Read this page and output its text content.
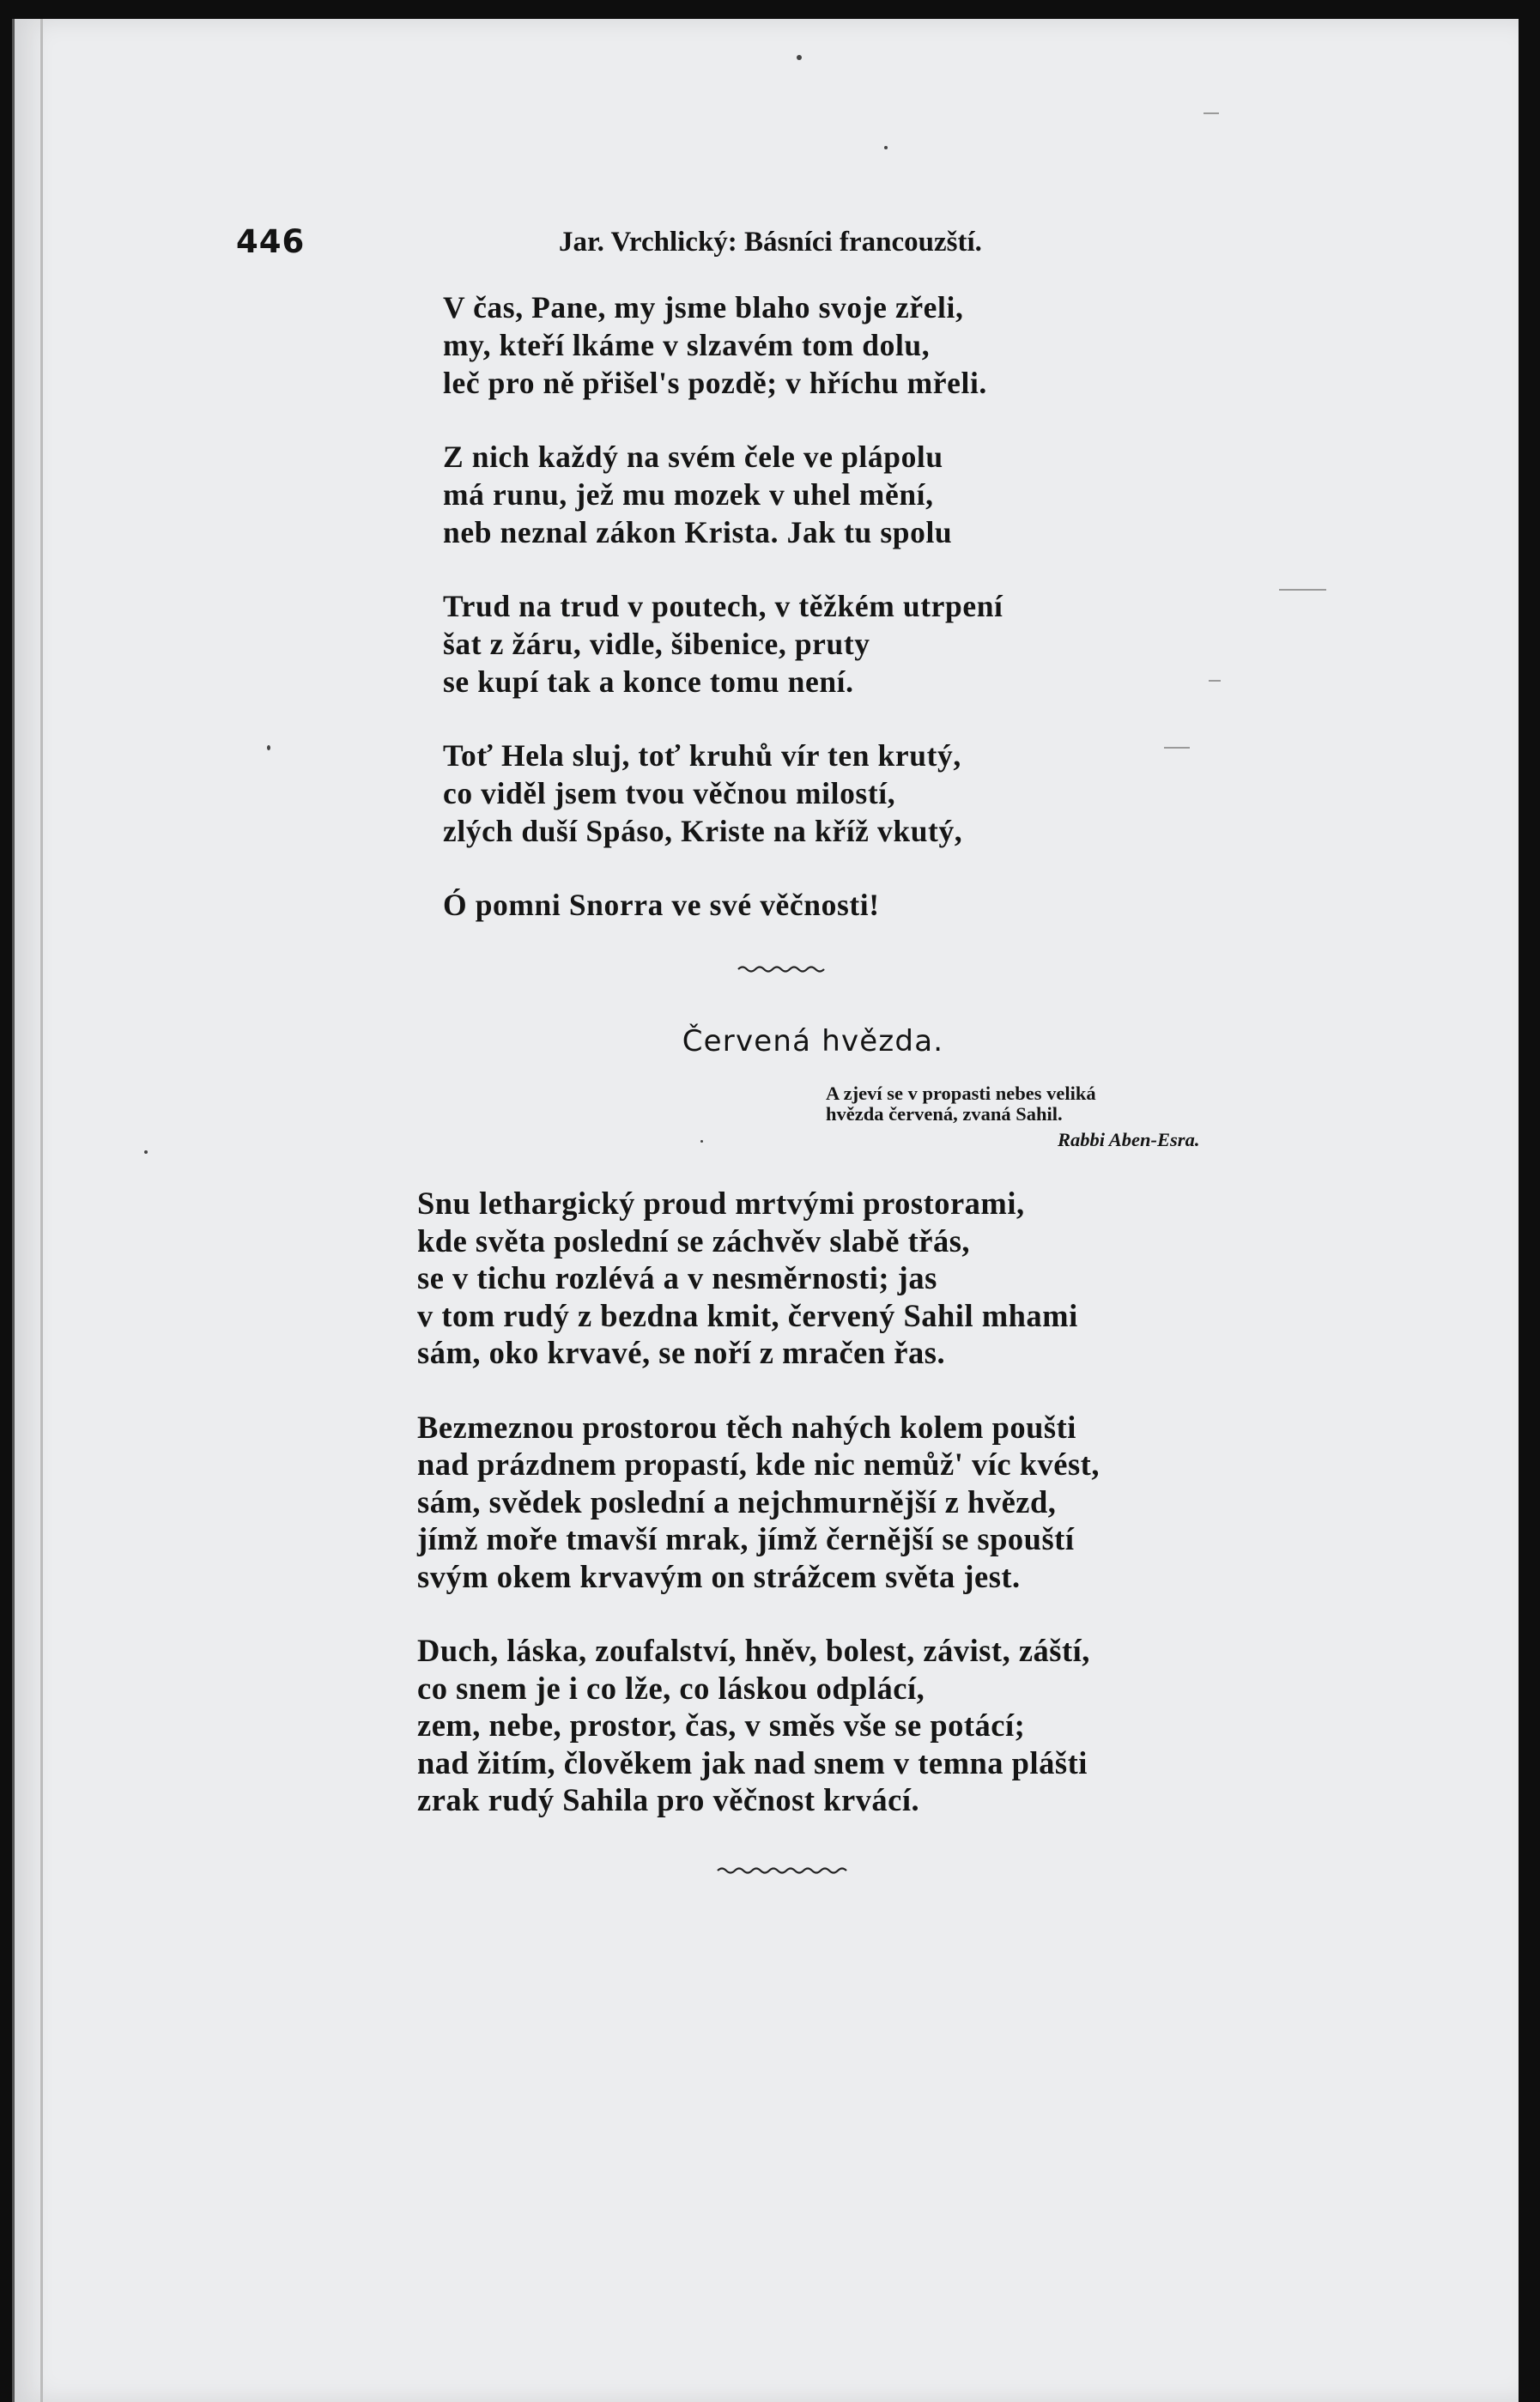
446	Jar. Vrchlický: Básníci francouzští.
V čas, Pane, my jsme blaho svoje zřeli,
my, kteří lkáme v slzavém tom dolu,
leč pro ně přišel's pozdě; v hříchu mřeli.
Z nich každý na svém čele ve plápolu
má runu, jež mu mozek v uhel mění,
neb neznal zákon Krista. Jak tu spolu
Trud na trud v poutech, v těžkém utrpení
šat z žáru, vidle, šibenice, pruty
se kupí tak a konce tomu není.
Toť Hela sluj, toť kruhů vír ten krutý,
co viděl jsem tvou věčnou milostí,
zlých duší Spáso, Kriste na kříž vkutý,
Ó pomni Snorra ve své věčnosti!
Červená hvězda.
A zjeví se v propasti nebes veliká
hvězda červená, zvaná Sahil.
Rabbi Aben-Esra.
Snu lethargický proud mrtvými prostorami,
kde světa poslední se záchvěv slabě třás,
se v tichu rozlévá a v nesměrnosti; jas
v tom rudý z bezdna kmit, červený Sahil mhami
sám, oko krvavé, se noří z mračen řas.
Bezmeznou prostorou těch nahých kolem poušti
nad prázdnem propastí, kde nic nemůž' víc kvést,
sám, svědek poslední a nejchmurnější z hvězd,
jímž moře tmavší mrak, jímž černější se spouští
svým okem krvavým on strážcem světa jest.
Duch, láska, zoufalství, hněv, bolest, závist, záští,
co snem je i co lže, co láskou odplácí,
zem, nebe, prostor, čas, v směs vše se potácí;
nad žitím, člověkem jak nad snem v temna plášti
zrak rudý Sahila pro věčnost krvácí.
